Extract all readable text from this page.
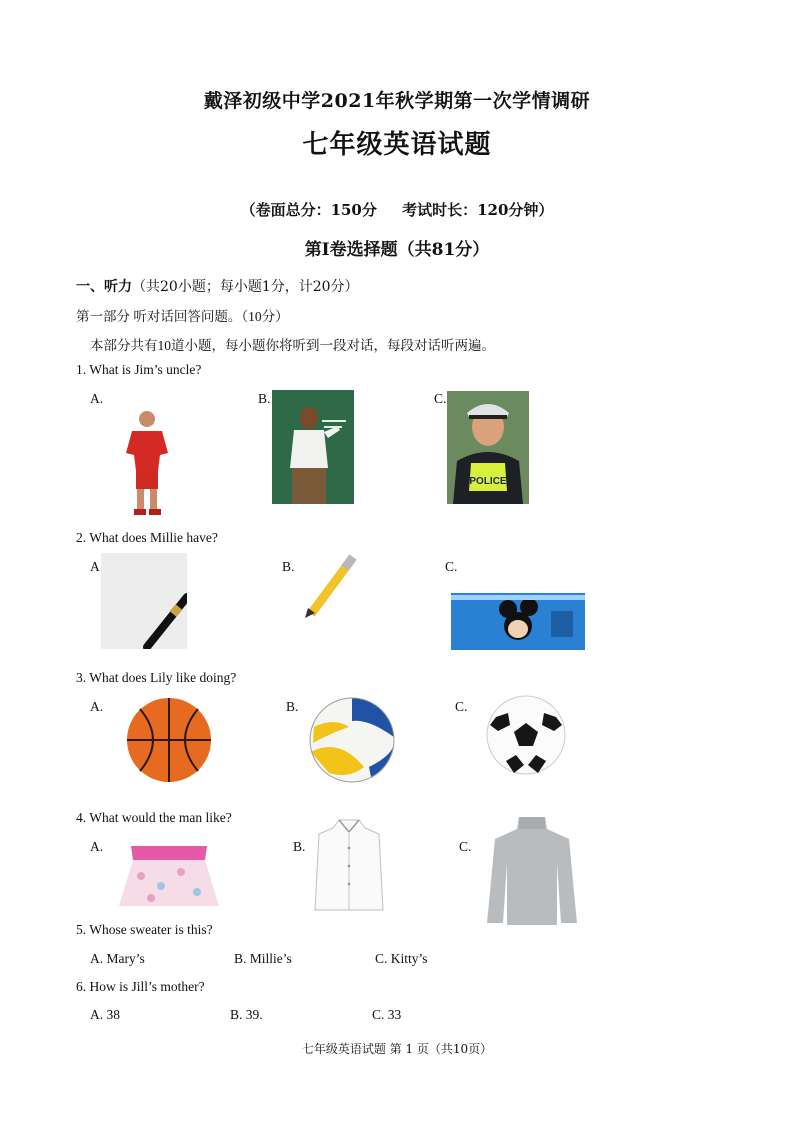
戴泽初级中学2021年秋学期第一次学情调研
七年级英语试题
（卷面总分：150分 考试时长：120分钟）
第Ⅰ卷选择题（共81分）
一、听力（共20小题；每小题1分，计20分）
第一部分 听对话回答问题。（10分）
本部分共有10道小题，每小题你将听到一段对话，每段对话听两遍。
1. What is Jim’s uncle?
A.	B.	C.
POLICE
2. What does Millie have?
A	B.	C.
3. What does Lily like doing?
A.	B.	C.
4. What would the man like?
A.	B.	C.
5. Whose sweater is this?
A. Mary’s	B. Millie’s	C. Kitty’s
6. How is Jill’s mother?
A. 38	B. 39.	C. 33
七年级英语试题 第 1 页（共10页）
